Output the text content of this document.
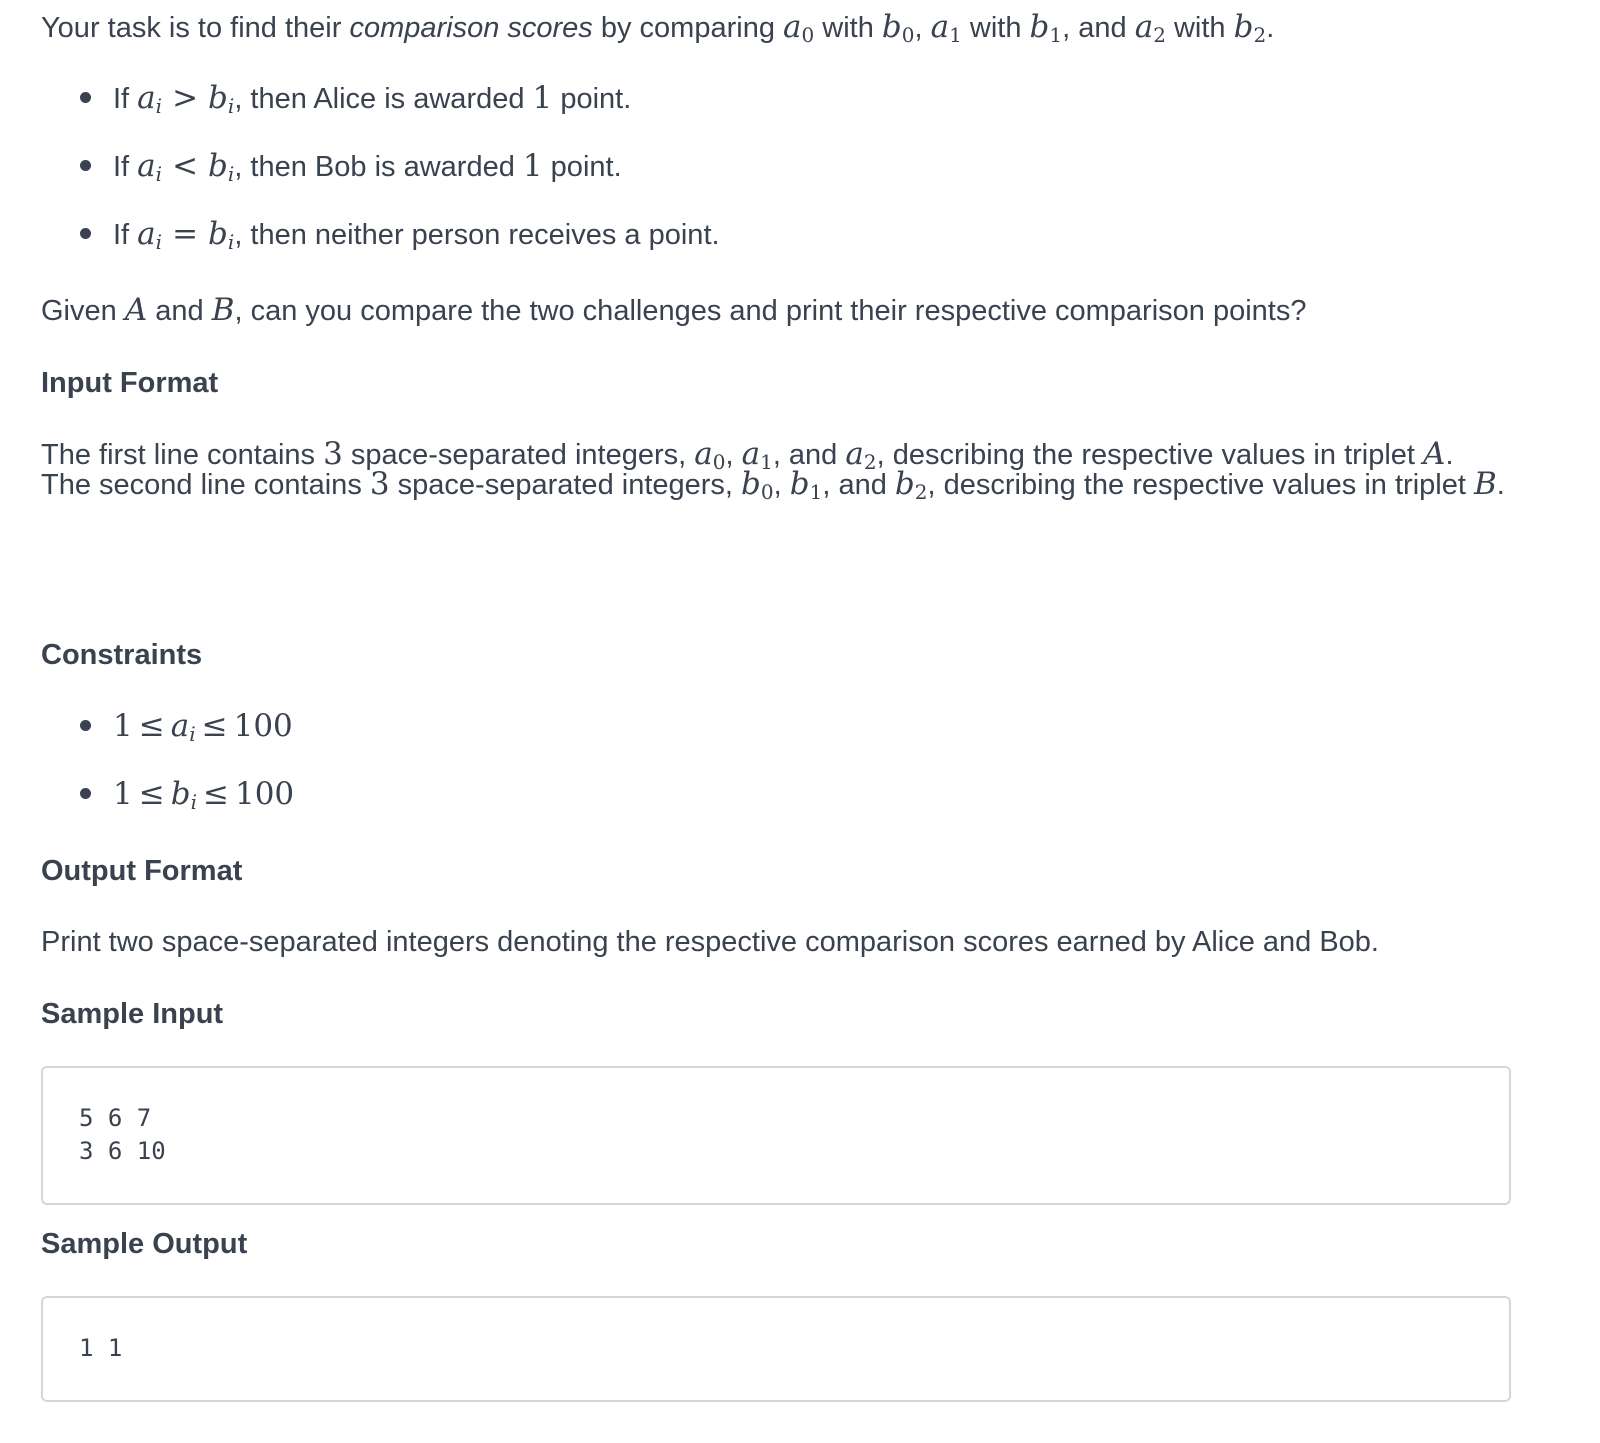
Your task is to find their comparison scores by comparing $a_0$ with $b_0$, $a_1$ with $b_1$, and $a_2$ with $b_2$.

If $a_i > b_i$, then Alice is awarded 1 point.
If $a_i < b_i$, then Bob is awarded 1 point.
If $a_i = b_i$, then neither person receives a point.

Given A and B, can you compare the two challenges and print their respective comparison points?

Input Format

The first line contains 3 space-separated integers, $a_0$, $a_1$, and $a_2$, describing the respective values in triplet A.
The second line contains 3 space-separated integers, $b_0$, $b_1$, and $b_2$, describing the respective values in triplet B.

Constraints
$1 \le a_i \le 100$
$1 \le b_i \le 100$
Output Format

Print two space-separated integers denoting the respective comparison scores earned by Alice and Bob.

Sample Input
5 6 7
3 6 10
Sample Output
1 1
